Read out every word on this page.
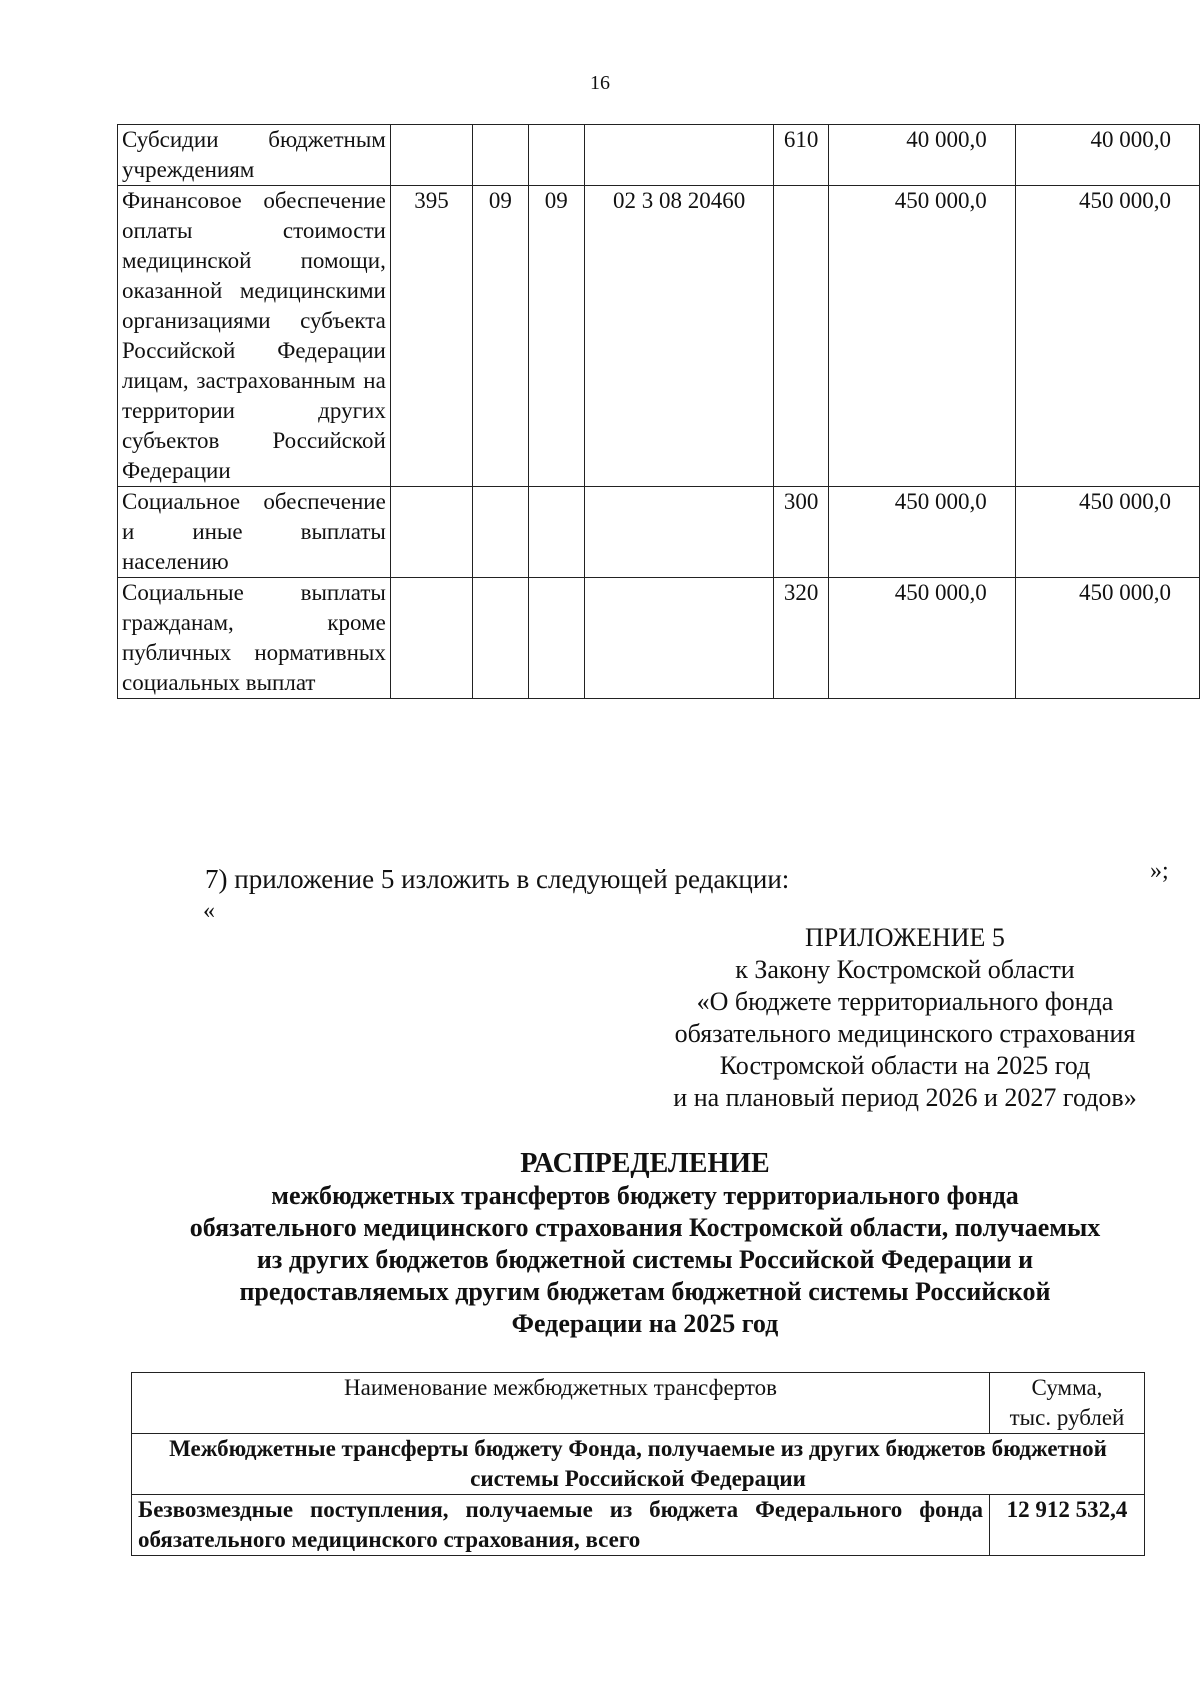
16
Субсидии бюджетным учреждениям					610	40 000,0	40 000,0
Финансовое обеспечение оплаты стоимости медицинской помощи, оказанной медицинскими организациями субъекта Российской Федерации лицам, застрахованным на территории других субъектов Российской Федерации	395	09	09	02 3 08 20460		450 000,0	450 000,0
Социальное обеспечение и иные выплаты населению					300	450 000,0	450 000,0
Социальные выплаты гражданам, кроме публичных нормативных социальных выплат					320	450 000,0	450 000,0
»;
7) приложение 5 изложить в следующей редакции:
«
ПРИЛОЖЕНИЕ 5
к Закону Костромской области
«О бюджете территориального фонда
обязательного медицинского страхования
Костромской области на 2025 год
и на плановый период 2026 и 2027 годов»
РАСПРЕДЕЛЕНИЕ
межбюджетных трансфертов бюджету территориального фонда
обязательного медицинского страхования Костромской области, получаемых
из других бюджетов бюджетной системы Российской Федерации и
предоставляемых другим бюджетам бюджетной системы Российской
Федерации на 2025 год
Наименование межбюджетных трансфертов	Сумма,
тыс. рублей

Межбюджетные трансферты бюджету Фонда, получаемые из других бюджетов бюджетной системы Российской Федерации	
Безвозмездные поступления, получаемые из бюджета Федерального фонда обязательного медицинского страхования, всего	12 912 532,4
